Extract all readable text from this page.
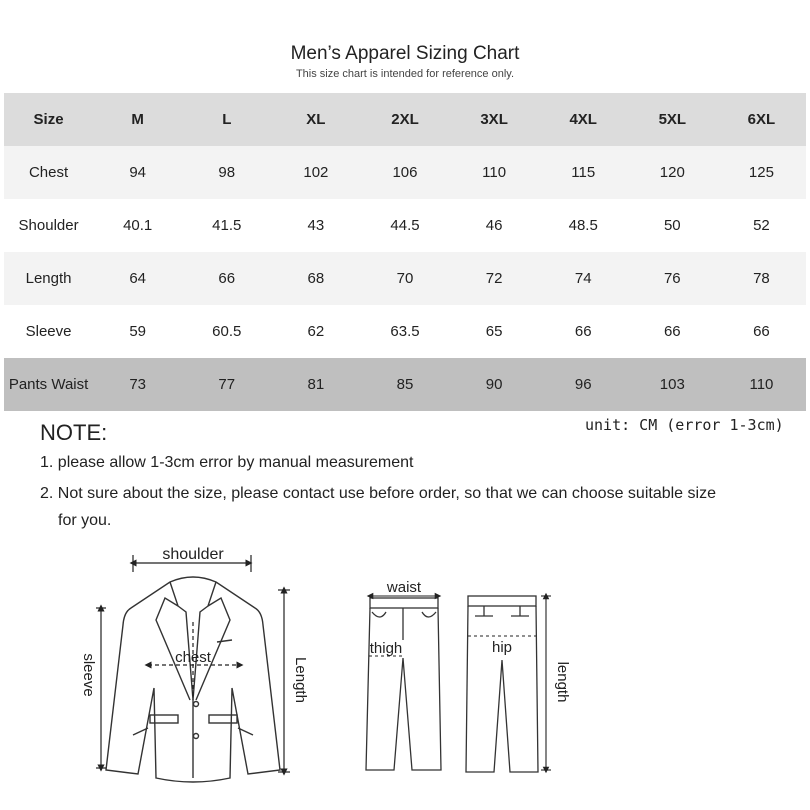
Men’s Apparel Sizing Chart
This size chart is intended for reference only.
Size	M	L	XL	2XL	3XL	4XL	5XL	6XL
Chest	94	98	102	106	110	115	120	125
Shoulder	40.1	41.5	43	44.5	46	48.5	50	52
Length	64	66	68	70	72	74	76	78
Sleeve	59	60.5	62	63.5	65	66	66	66
Pants Waist	73	77	81	85	90	96	103	110
NOTE:	unit: CM (error 1-3cm)
1. please allow 1-3cm error by manual measurement
2. Not sure about the size, please contact use before order, so that we can choose suitable size
for you.
shoulder
chest
sleeve	Length
waist
thigh	hip
length
